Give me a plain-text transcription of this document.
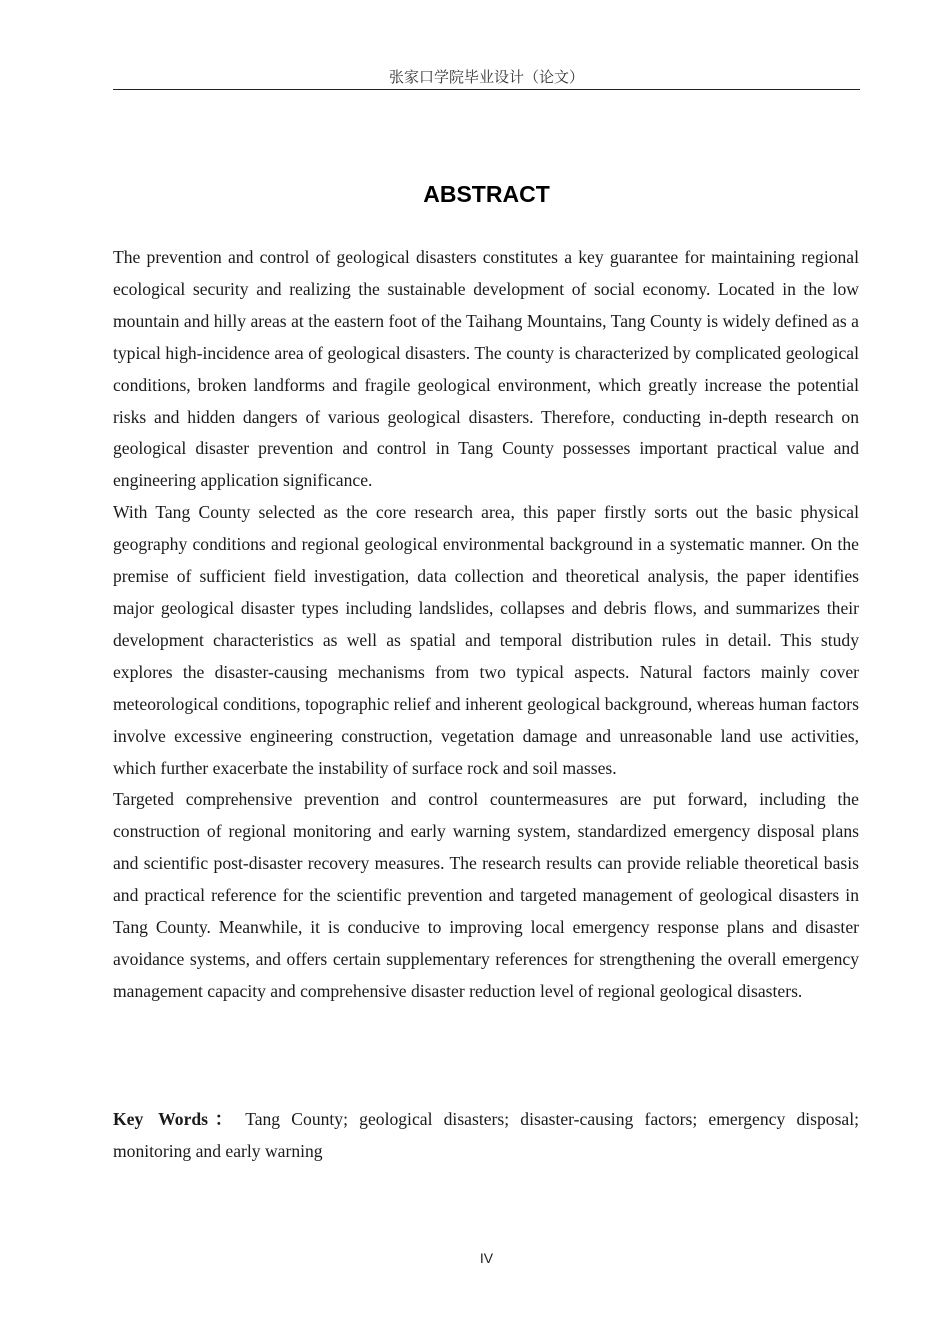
张家口学院毕业设计（论文）
ABSTRACT

The prevention and control of geological disasters constitutes a key guarantee for maintaining regional ecological security and realizing the sustainable development of social economy. Located in the low mountain and hilly areas at the eastern foot of the Taihang Mountains, Tang County is widely defined as a typical high-incidence area of geological disasters. The county is characterized by complicated geological conditions, broken landforms and fragile geological environment, which greatly increase the potential risks and hidden dangers of various geological disasters. Therefore, conducting in-depth research on geological disaster prevention and control in Tang County possesses important practical value and engineering application significance.

With Tang County selected as the core research area, this paper firstly sorts out the basic physical geography conditions and regional geological environmental background in a systematic manner. On the premise of sufficient field investigation, data collection and theoretical analysis, the paper identifies major geological disaster types including landslides, collapses and debris flows, and summarizes their development characteristics as well as spatial and temporal distribution rules in detail. This study explores the disaster-causing mechanisms from two typical aspects. Natural factors mainly cover meteorological conditions, topographic relief and inherent geological background, whereas human factors involve excessive engineering construction, vegetation damage and unreasonable land use activities, which further exacerbate the instability of surface rock and soil masses.

Targeted comprehensive prevention and control countermeasures are put forward, including the construction of regional monitoring and early warning system, standardized emergency disposal plans and scientific post-disaster recovery measures. The research results can provide reliable theoretical basis and practical reference for the scientific prevention and targeted management of geological disasters in Tang County. Meanwhile, it is conducive to improving local emergency response plans and disaster avoidance systems, and offers certain supplementary references for strengthening the overall emergency management capacity and comprehensive disaster reduction level of regional geological disasters.

Key Words： Tang County; geological disasters; disaster-causing factors; emergency disposal; monitoring and early warning

IV
